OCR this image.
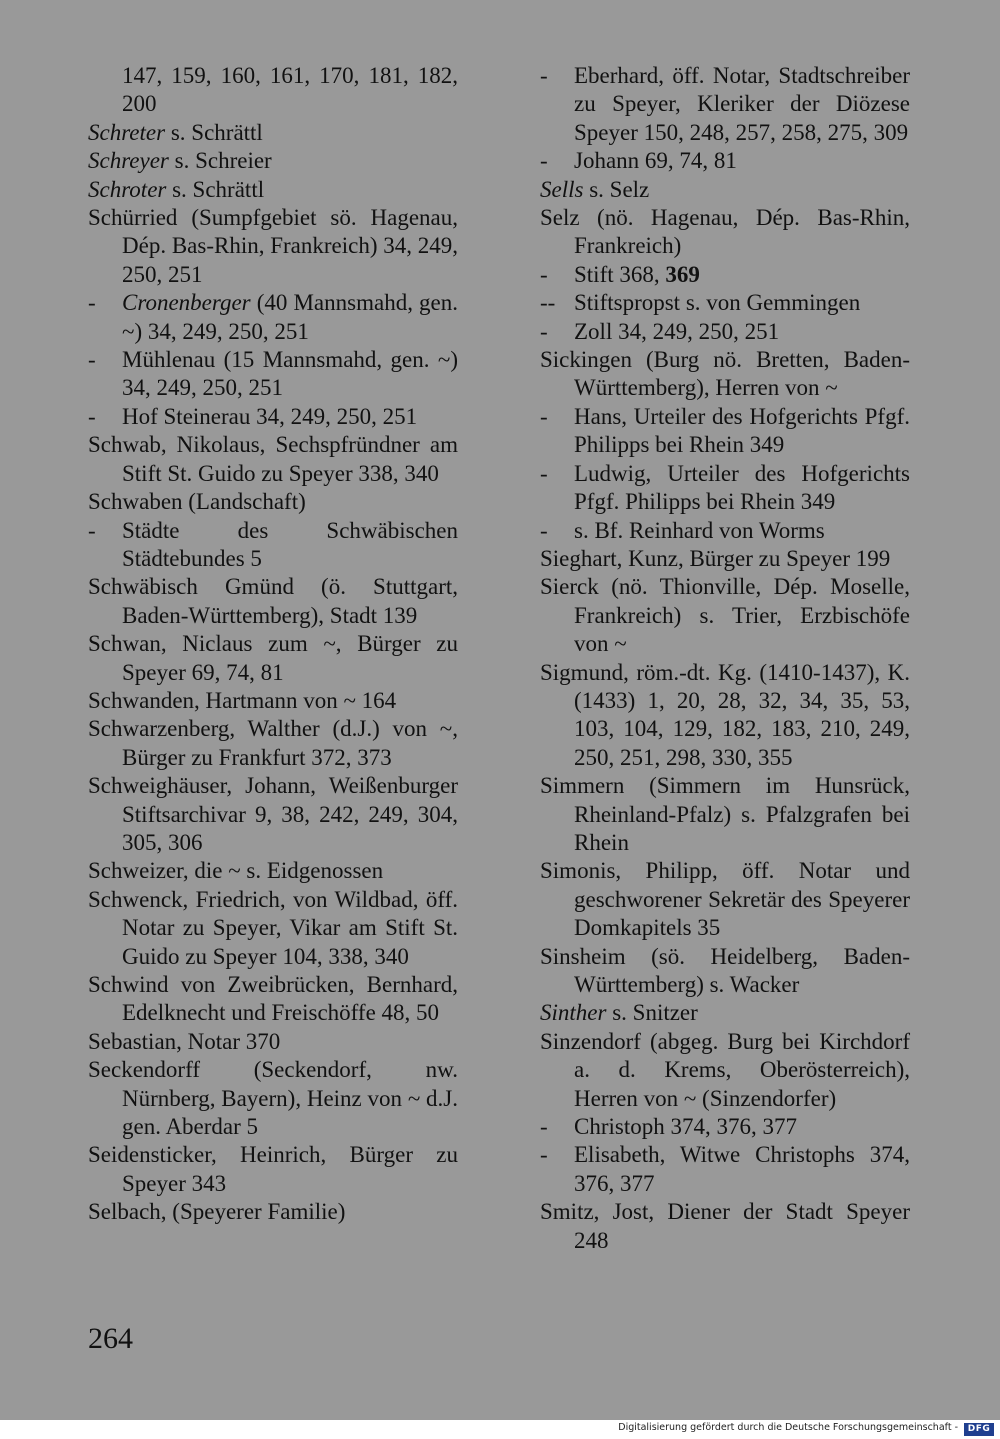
147, 159, 160, 161, 170, 181, 182, 200

Schreter s. Schrättl

Schreyer s. Schreier

Schroter s. Schrättl

Schürried (Sumpfgebiet sö. Hagenau, Dép. Bas-Rhin, Frankreich) 34, 249, 250, 251

-	Cronenberger (40 Mannsmahd, gen. ~) 34, 249, 250, 251

-	Mühlenau (15 Mannsmahd, gen. ~) 34, 249, 250, 251

-	Hof Steinerau 34, 249, 250, 251

Schwab, Nikolaus, Sechspfründner am Stift St. Guido zu Speyer 338, 340

Schwaben (Landschaft)

-	Städte des Schwäbischen Städtebundes 5

Schwäbisch Gmünd (ö. Stuttgart, Baden-Württemberg), Stadt 139

Schwan, Niclaus zum ~, Bürger zu Speyer 69, 74, 81

Schwanden, Hartmann von ~ 164

Schwarzenberg, Walther (d.J.) von ~, Bürger zu Frankfurt 372, 373

Schweighäuser, Johann, Weißenburger Stiftsarchivar 9, 38, 242, 249, 304, 305, 306

Schweizer, die ~ s. Eidgenossen

Schwenck, Friedrich, von Wildbad, öff. Notar zu Speyer, Vikar am Stift St. Guido zu Speyer 104, 338, 340

Schwind von Zweibrücken, Bernhard, Edelknecht und Freischöffe 48, 50

Sebastian, Notar 370

Seckendorff (Seckendorf, nw. Nürnberg, Bayern), Heinz von ~ d.J. gen. Aberdar 5

Seidensticker, Heinrich, Bürger zu Speyer 343

Selbach, (Speyerer Familie)

-	Eberhard, öff. Notar, Stadtschreiber zu Speyer, Kleriker der Diözese Speyer 150, 248, 257, 258, 275, 309

-	Johann 69, 74, 81

Sells s. Selz

Selz (nö. Hagenau, Dép. Bas-Rhin, Frankreich)

-	Stift 368, 369

-- Stiftspropst s. von Gemmingen

-	Zoll 34, 249, 250, 251

Sickingen (Burg nö. Bretten, Baden-Württemberg), Herren von ~

-	Hans, Urteiler des Hofgerichts Pfgf. Philipps bei Rhein 349

-	Ludwig, Urteiler des Hofgerichts Pfgf. Philipps bei Rhein 349

-	s. Bf. Reinhard von Worms

Sieghart, Kunz, Bürger zu Speyer 199

Sierck (nö. Thionville, Dép. Moselle, Frankreich) s. Trier, Erzbischöfe von ~

Sigmund, röm.-dt. Kg. (1410-1437), K. (1433) 1, 20, 28, 32, 34, 35, 53, 103, 104, 129, 182, 183, 210, 249, 250, 251, 298, 330, 355

Simmern (Simmern im Hunsrück, Rheinland-Pfalz) s. Pfalzgrafen bei Rhein

Simonis, Philipp, öff. Notar und geschworener Sekretär des Speyerer Domkapitels 35

Sinsheim (sö. Heidelberg, Baden-Württemberg) s. Wacker

Sinther s. Snitzer

Sinzendorf (abgeg. Burg bei Kirchdorf a. d. Krems, Oberösterreich), Herren von ~ (Sinzendorfer)

-	Christoph 374, 376, 377

-	Elisabeth, Witwe Christophs 374, 376, 377

Smitz, Jost, Diener der Stadt Speyer 248

264
Digitalisierung gefördert durch die Deutsche Forschungsgemeinschaft -	DFG
